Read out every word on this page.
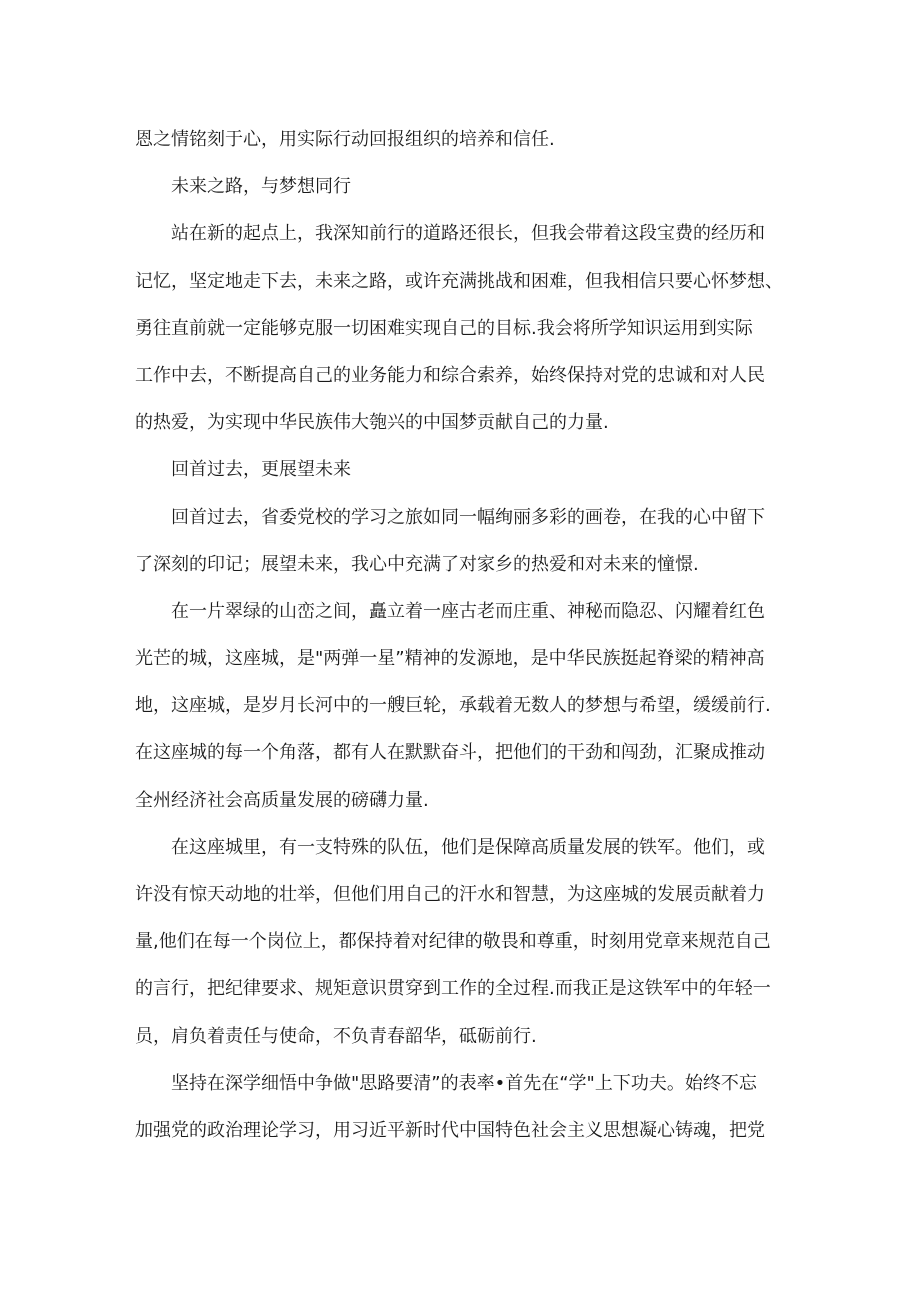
恩之情铭刻于心，用实际行动回报组织的培养和信任.
未来之路，与梦想同行
站在新的起点上，我深知前行的道路还很长，但我会带着这段宝费的经历和
记忆，坚定地走下去，未来之路，或许充满挑战和困难，但我相信只要心怀梦想、
勇往直前就一定能够克服一切困难实现自己的目标.我会将所学知识运用到实际
工作中去，不断提高自己的业务能力和综合索养，始终保持对党的忠诚和对人民
的热爱，为实现中华民族伟大匏兴的中国梦贡献自己的力量.
回首过去，更展望未来
回首过去，省委党校的学习之旅如同一幅绚丽多彩的画卷，在我的心中留下
了深刻的印记；展望未来，我心中充满了对家乡的热爱和对未来的憧憬.
在一片翠绿的山峦之间，矗立着一座古老而庄重、神秘而隐忍、闪耀着红色
光芒的城，这座城，是"两弹一星”精神的发源地，是中华民族挺起脊梁的精神高
地，这座城，是岁月长河中的一艘巨轮，承载着无数人的梦想与希望，缓缓前行.
在这座城的每一个角落，都有人在默默奋斗，把他们的干劲和闯劲，汇聚成推动
全州经济社会高质量发展的磅礴力量.
在这座城里，有一支特殊的队伍，他们是保障高质量发展的铁军。他们，或
许没有惊天动地的壮举，但他们用自己的汗水和智慧，为这座城的发展贡献着力
量,他们在每一个岗位上，都保持着对纪律的敬畏和尊重，时刻用党章来规范自己
的言行，把纪律要求、规矩意识贯穿到工作的全过程.而我正是这铁军中的年轻一
员，肩负着责任与使命，不负青春韶华，砥砺前行.
坚持在深学细悟中争做"思路要清”的表率•首先在“学"上下功夫。始终不忘
加强党的政治理论学习，用习近平新时代中国特色社会主义思想凝心铸魂，把党
